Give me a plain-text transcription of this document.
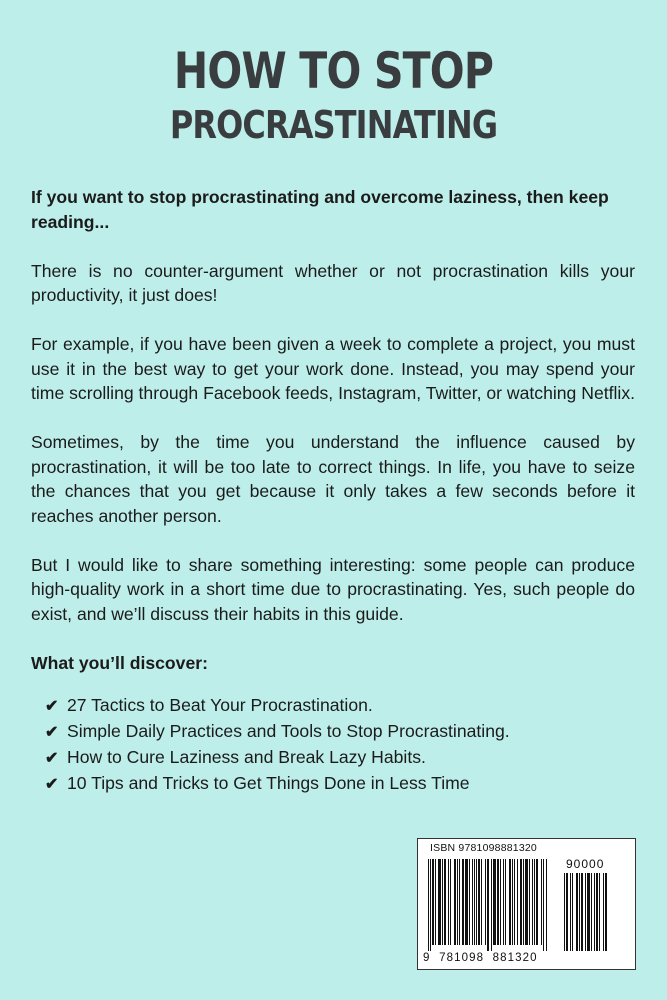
HOW TO STOP
PROCRASTINATING

If you want to stop procrastinating and overcome laziness, then keep reading...

There is no counter-argument whether or not procrastination kills your productivity, it just does!

For example, if you have been given a week to complete a project, you must use it in the best way to get your work done. Instead, you may spend your time scrolling through Facebook feeds, Instagram, Twitter, or watching Netflix.

Sometimes, by the time you understand the influence caused by procrastination, it will be too late to correct things. In life, you have to seize the chances that you get because it only takes a few seconds before it reaches another person.

But I would like to share something interesting: some people can produce high-quality work in a short time due to procrastinating. Yes, such people do exist, and we’ll discuss their habits in this guide.

What you’ll discover:

✔ 27 Tactics to Beat Your Procrastination.
✔ Simple Daily Practices and Tools to Stop Procrastinating.
✔ How to Cure Laziness and Break Lazy Habits.
✔ 10 Tips and Tricks to Get Things Done in Less Time
ISBN 9781098881320
90000
9  781098  881320
